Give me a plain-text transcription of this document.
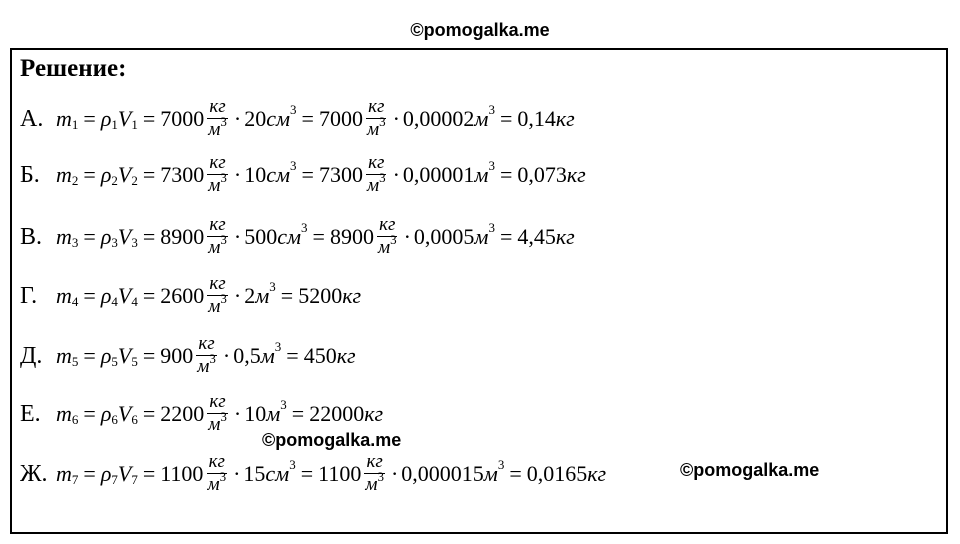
©pomogalka.me
Решение:
А. m 1 = ρ 1 V $1 = 7000 \frac{кг}{м^3} \cdot 20$ см $3 = 7000 \frac{кг}{м^3} \cdot 0,00002$ м 3 = 0,14 кг
Б. m 2 = ρ 2 V $2 = 7300 \frac{кг}{м^3} \cdot 10$ см $3 = 7300 \frac{кг}{м^3} \cdot 0,00001$ м 3 = 0,073 кг
В. m 3 = ρ 3 V $3 = 8900 \frac{кг}{м^3} \cdot 500$ см $3 = 8900 \frac{кг}{м^3} \cdot 0,0005$ м 3 = 4,45 кг
Г. m 4 = ρ 4 V $4 = 2600 \frac{кг}{м^3} \cdot 2$ м 3 = 5200 кг
Д. m 5 = ρ 5 V $5 = 900 \frac{кг}{м^3} \cdot 0,5$ м 3 = 450 кг
Е. m 6 = ρ 6 V $6 = 2200 \frac{кг}{м^3} \cdot 10$ м 3 = 22000 кг
Ж. m 7 = ρ 7 V $7 = 1100 \frac{кг}{м^3} \cdot 15$ см $3 = 1100 \frac{кг}{м^3} \cdot 0,000015$ м 3 = 0,0165 кг
©pomogalka.me
©pomogalka.me
